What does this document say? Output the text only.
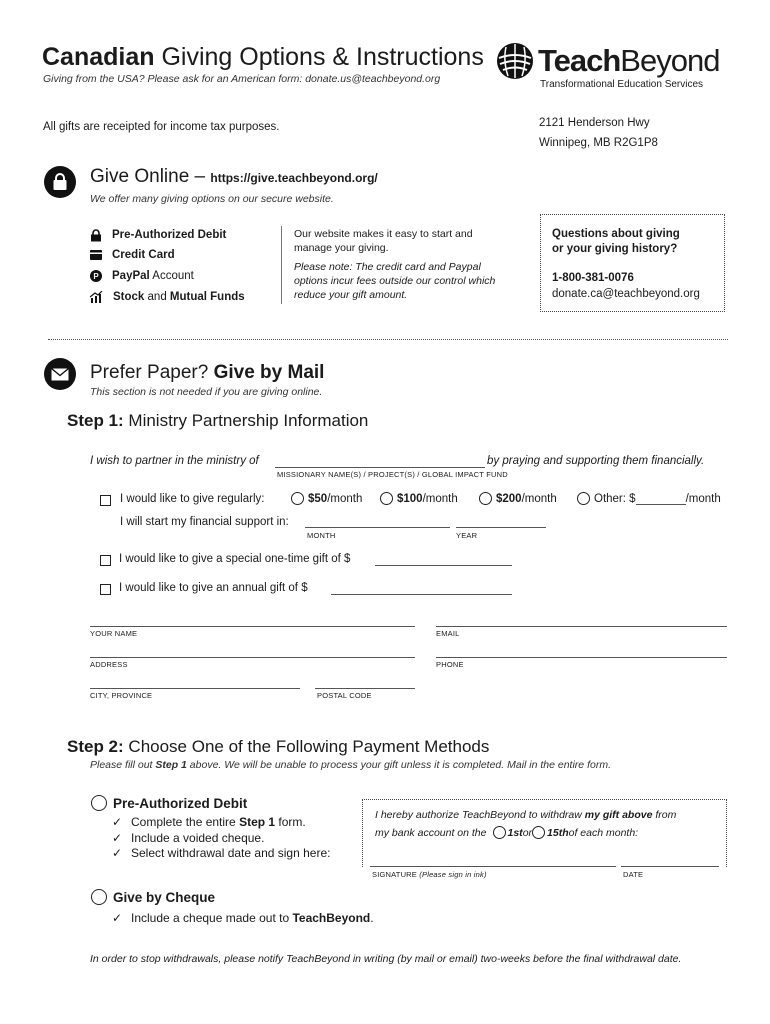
Canadian Giving Options & Instructions
Giving from the USA? Please ask for an American form: donate.us@teachbeyond.org
TeachBeyond
Transformational Education Services
All gifts are receipted for income tax purposes.	2121 Henderson Hwy
Winnipeg, MB R2G1P8
Give Online – https://give.teachbeyond.org/
We offer many giving options on our secure website.
Pre-Authorized Debit
Credit Card
P PayPal Account
Stock and Mutual Funds
Our website makes it easy to start and manage your giving.
Please note: The credit card and Paypal options incur fees outside our control which reduce your gift amount.
Questions about giving
or your giving history?
1-800-381-0076
donate.ca@teachbeyond.org
Prefer Paper? Give by Mail
This section is not needed if you are giving online.
Step 1: Ministry Partnership Information
I wish to partner in the ministry of	by praying and supporting them financially.
MISSIONARY NAME(S) / PROJECT(S) / GLOBAL IMPACT FUND
I would like to give regularly:	$50/month	$100/month	$200/month	Other: $	/month
I will start my financial support in:
MONTH	YEAR
I would like to give a special one-time gift of $
I would like to give an annual gift of $
YOUR NAME	EMAIL
ADDRESS	PHONE
CITY, PROVINCE	POSTAL CODE
Step 2: Choose One of the Following Payment Methods
Please fill out Step 1 above. We will be unable to process your gift unless it is completed. Mail in the entire form.
Pre-Authorized Debit
✓ Complete the entire Step 1 form.
✓ Include a voided cheque.
✓ Select withdrawal date and sign here:
I hereby authorize TeachBeyond to withdraw my gift above from
my bank account on the 1st or 15th of each month:
SIGNATURE (Please sign in ink)	DATE
Give by Cheque
✓ Include a cheque made out to TeachBeyond.
In order to stop withdrawals, please notify TeachBeyond in writing (by mail or email) two-weeks before the final withdrawal date.
